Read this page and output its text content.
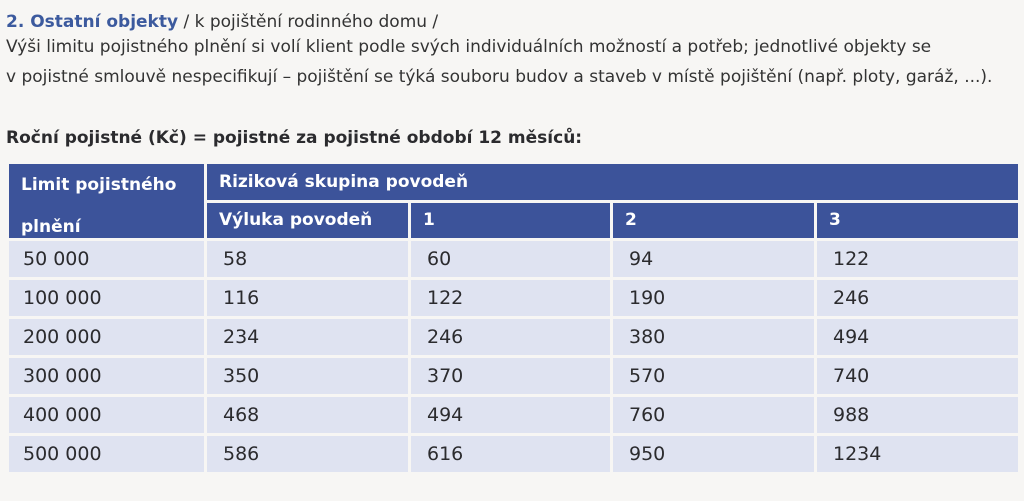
2. Ostatní objekty / k pojištění rodinného domu /
Výši limitu pojistného plnění si volí klient podle svých individuálních možností a potřeb; jednotlivé objekty se
v pojistné smlouvě nespecifikují – pojištění se týká souboru budov a staveb v místě pojištění (např. ploty, garáž, ...).
Roční pojistné (Kč) = pojistné za pojistné období 12 měsíců:
Limit pojistného
plnění	Riziková skupina povodeň			
	Výluka povodeň	1	2	3
50 000	58	60	94	122
100 000	116	122	190	246
200 000	234	246	380	494
300 000	350	370	570	740
400 000	468	494	760	988
500 000	586	616	950	1234
